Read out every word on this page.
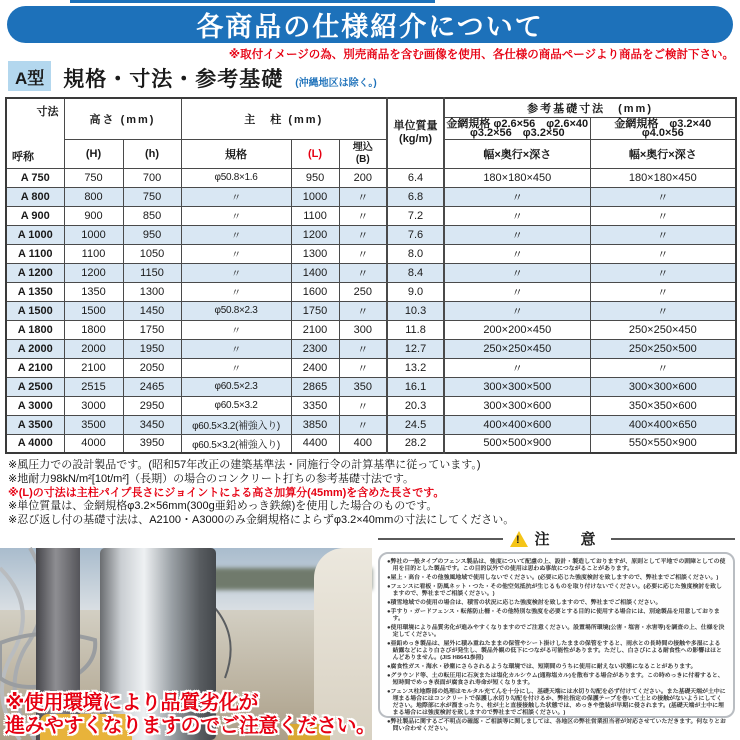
各商品の仕様紹介について
※取付イメージの為、別売商品を含む画像を使用、各仕様の商品ページより商品をご検討下さい。
A型 規格・寸法・参考基礎 (沖縄地区は除く。)
寸法
呼称
	高さ (mm)	主　柱 (mm)	
単位質量
(kg/m)
	参考基礎寸法　(mm)

							金網規格 φ2.6×56　φ2.6×40
φ3.2×56　φ3.2×50	金網規格　φ3.2×40　φ4.0×56
	(H)	(h)	規格	(L)	埋込
(B)		幅×奥行×深さ	幅×奥行×深さ
A 750	750	700	φ50.8×1.6	950	200	6.4	180×180×450	180×180×450
A 800	800	750	〃	1000	〃	6.8	〃	〃
A 900	900	850	〃	1100	〃	7.2	〃	〃
A 1000	1000	950	〃	1200	〃	7.6	〃	〃
A 1100	1100	1050	〃	1300	〃	8.0	〃	〃
A 1200	1200	1150	〃	1400	〃	8.4	〃	〃
A 1350	1350	1300	〃	1600	250	9.0	〃	〃
A 1500	1500	1450	φ50.8×2.3	1750	〃	10.3	〃	〃
A 1800	1800	1750	〃	2100	300	11.8	200×200×450	250×250×450
A 2000	2000	1950	〃	2300	〃	12.7	250×250×450	250×250×500
A 2100	2100	2050	〃	2400	〃	13.2	〃	〃
A 2500	2515	2465	φ60.5×2.3	2865	350	16.1	300×300×500	300×300×600
A 3000	3000	2950	φ60.5×3.2	3350	〃	20.3	300×300×600	350×350×600
A 3500	3500	3450	φ60.5×3.2(補強入り)	3850	〃	24.5	400×400×600	400×400×650
A 4000	4000	3950	φ60.5×3.2(補強入り)	4400	400	28.2	500×500×900	550×550×900
※風圧力での設計製品です。(昭和57年改正の建築基準法・同施行令の計算基準に従っています。)
※地耐力98kN/m²[10t/m²]（長期）の場合のコンクリート打ちの参考基礎寸法です。
※(L)の寸法は主柱パイプ長さにジョイントによる高さ加算分(45mm)を含めた長さです。
※単位質量は、金網規格φ3.2×56mm(300g亜鉛めっき鉄線)を使用した場合のものです。
※忍び返し付の基礎寸法は、A2100・A3000のみ金網規格によらずφ3.2×40mmの寸法にしてください。
※使用環境により品質劣化が
進みやすくなりますのでご注意ください。
! 注　意
●弊社の一般タイプのフェンス製品は、強度について配慮の上、設計・製造しておりますが、原則として平地での囲障としての使用を目的とした製品です。この目的以外での使用は思わぬ事故につながることがあります。
●屋上・高台・その他強風地域で使用しないでください。(必要に応じた強度検討を致しますので、弊社までご相談ください。)
●フェンスに看板・防風ネット・つた・その他空気抵抗が生じるものを取り付けないでください。(必要に応じた強度検討を致しますので、弊社までご相談ください。)
●積雪地域での使用の場合は、積雪の状況に応じた強度検討を致しますので、弊社までご相談ください。
●手すり・ガードフェンス・転落防止柵・その他特別な強度を必要とする目的に使用する場合には、別途製品を用意しております。
●使用環境により品質劣化が進みやすくなりますのでご注意ください。設置場所環境(公害・塩害・水害等)を調査の上、仕様を決定してください。
●亜鉛めっき製品は、屋外に積み重ねたままの保管やシート掛けしたままの保管をすると、雨水との長時間の接触や多湿による結露などにより白さびが発生し、製品外観の低下につながる可能性があります。ただし、白さびによる耐食性への影響はほとんどありません。(JIS H8641参照)
●腐食性ガス・海水・砂塵にさらされるような環境では、短期間のうちに使用に耐えない状態になることがあります。
●グラウンド等、土の転圧用に石灰または塩化カルシウム(通称塩カル)を散布する場合があります。この時めっきに付着すると、短時間でめっき表面が腐食され寿命が短くなります。
●フェンス柱地際部の処理はモルタル充てんを十分にし、基礎天端には水切り勾配を必ず付けてください。また基礎天端が土中に埋まる場合にはコンクリートで保護し水切り勾配を付けるか、弊社指定の保護テープを巻いて土との接触がないようにしてください。地際部に水が溜まったり、柱が土と直接接触した状態では、めっきや塗装が早期に侵されます。(基礎天端が土中に埋まる場合には強度検討を致しますので弊社までご相談ください。)
●弊社製品に関するご不明点の確認・ご相談等に関しましては、各地区の弊社営業担当者が対応させていただきます。何なりとお問い合わせください。
